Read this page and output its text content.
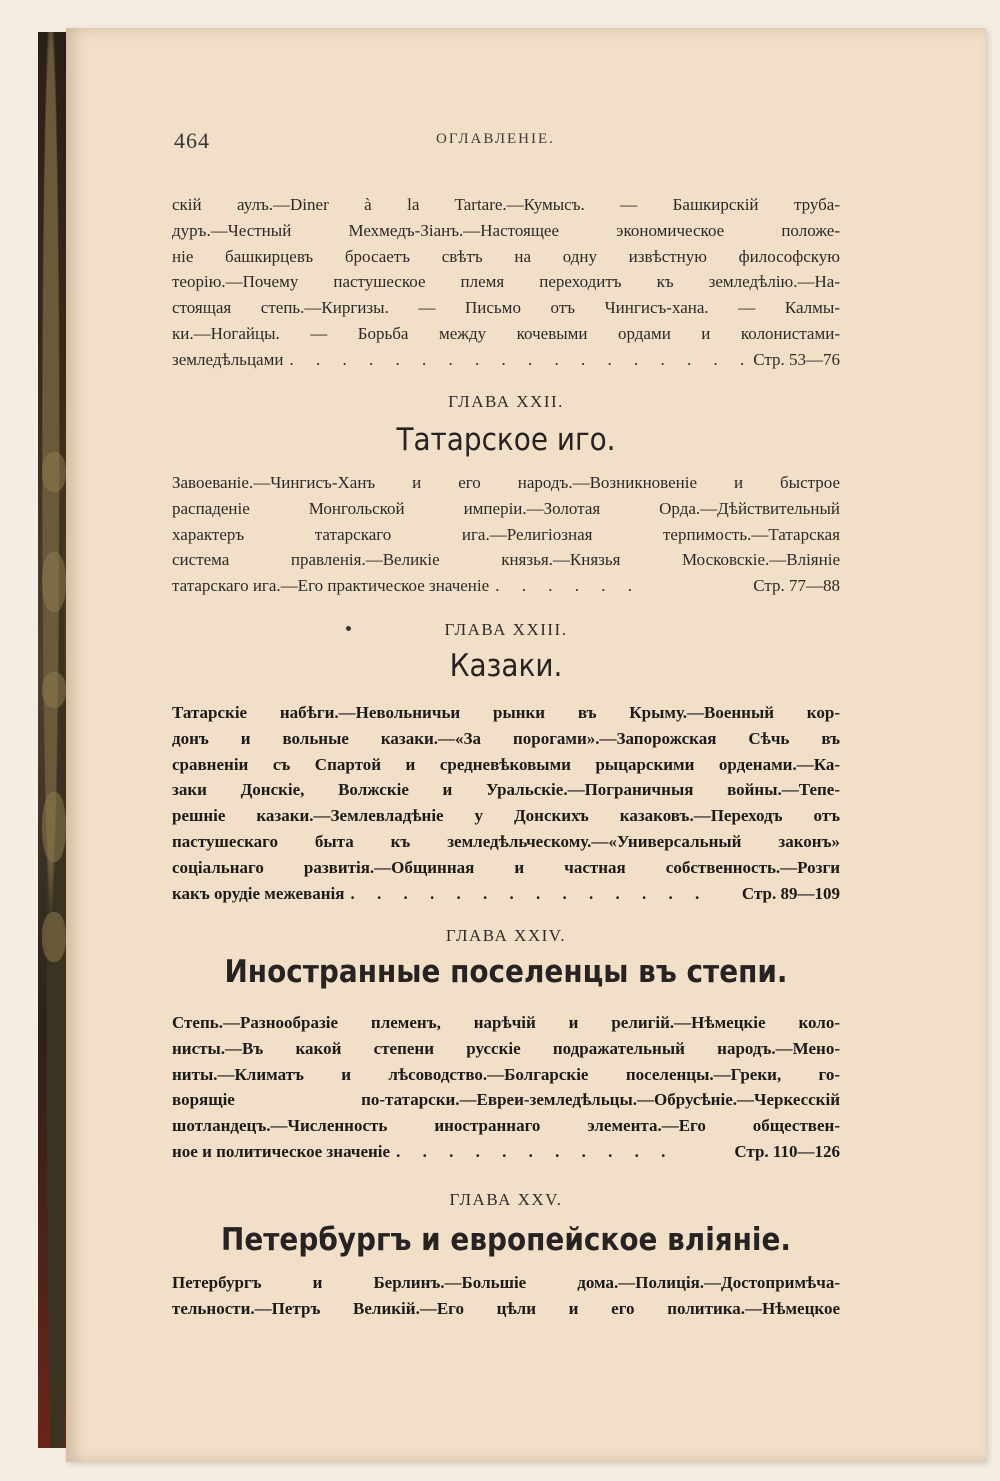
464	ОГЛАВЛЕНІЕ.
скій аулъ.—Diner à la Tartare.—Кумысъ. — Башкирскій труба-
дуръ.—Честный Мехмедъ-Зіанъ.—Настоящее экономическое положе-
ніе башкирцевъ бросаетъ свѣтъ на одну извѣстную философскую
теорію.—Почему пастушеское племя переходитъ къ земледѣлію.—На-
стоящая степь.—Киргизы. — Письмо отъ Чингисъ-хана. — Калмы-
ки.—Ногайцы. — Борьба между кочевыми ордами и колонистами-
земледѣльцами . . . . . . . . . . . . . . . . . . Стр. 53—76
ГЛАВА XXII.
Татарское иго.
Завоеваніе.—Чингисъ-Ханъ и его народъ.—Возникновеніе и быстрое
распаденіе Монгольской имперіи.—Золотая Орда.—Дѣйствительный
характеръ татарскаго ига.—Религіозная терпимость.—Татарская
система правленія.—Великіе князья.—Князья Московскіе.—Вліяніе
татарскаго ига.—Его практическое значеніе . . . . . .	Стр. 77—88
ГЛАВА XXIII.
Казаки.
Татарскіе набѣги.—Невольничьи рынки въ Крыму.—Военный кор-
донъ и вольные казаки.—«За порогами».—Запорожская Сѣчь въ
сравненіи съ Спартой и средневѣковыми рыцарскими орденами.—Ка-
заки Донскіе, Волжскіе и Уральскіе.—Пограничныя войны.—Тепе-
решніе казаки.—Землевладѣніе у Донскихъ казаковъ.—Переходъ отъ
пастушескаго быта къ земледѣльческому.—«Универсальный законъ»
соціальнаго развитія.—Общинная и частная собственность.—Розги
какъ орудіе межеванія . . . . . . . . . . . . . .	Стр. 89—109
ГЛАВА XXIV.
Иностранные поселенцы въ степи.
Степь.—Разнообразіе племенъ, нарѣчій и религій.—Нѣмецкіе коло-
нисты.—Въ какой степени русскіе подражательный народъ.—Мено-
ниты.—Климатъ и лѣсоводство.—Болгарскіе поселенцы.—Греки, го-
ворящіе по-татарски.—Евреи-земледѣльцы.—Обрусѣніе.—Черкесскій
шотландецъ.—Численность иностраннаго элемента.—Его обществен-
ное и политическое значеніе . . . . . . . . . . .	Стр. 110—126
ГЛАВА XXV.
Петербургъ и европейское вліяніе.
Петербургъ и Берлинъ.—Большіе дома.—Полиція.—Достопримѣча-
тельности.—Петръ Великій.—Его цѣли и его политика.—Нѣмецкое
